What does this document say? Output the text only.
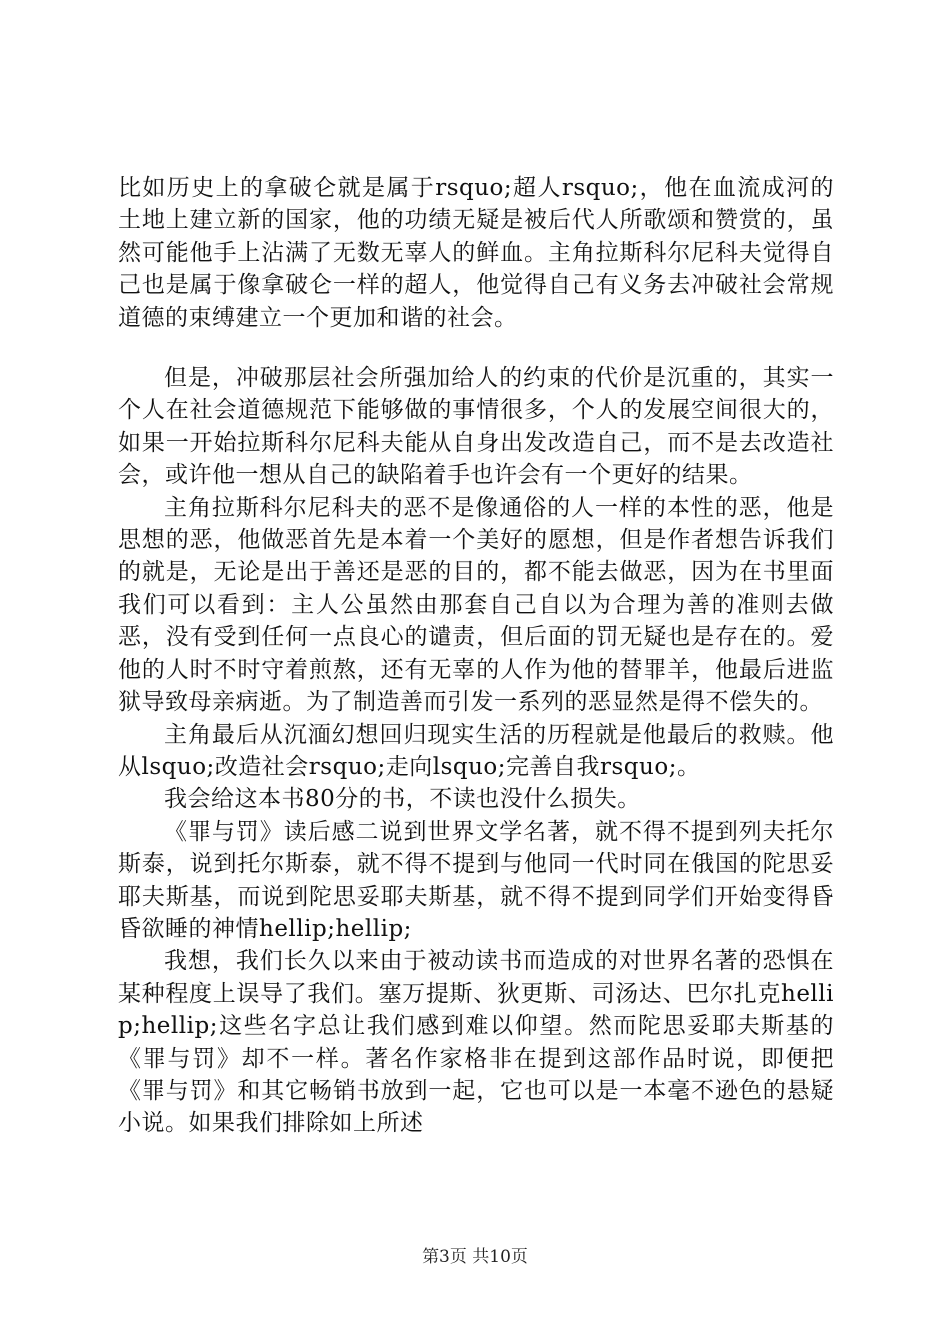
比如历史上的拿破仑就是属于rsquo;超人rsquo;，他在血流成河的土地上建立新的国家，他的功绩无疑是被后代人所歌颂和赞赏的，虽然可能他手上沾满了无数无辜人的鲜血。主角拉斯科尔尼科夫觉得自己也是属于像拿破仑一样的超人，他觉得自己有义务去冲破社会常规道德的束缚建立一个更加和谐的社会。

但是，冲破那层社会所强加给人的约束的代价是沉重的，其实一个人在社会道德规范下能够做的事情很多，个人的发展空间很大的，如果一开始拉斯科尔尼科夫能从自身出发改造自己，而不是去改造社会，或许他一想从自己的缺陷着手也许会有一个更好的结果。

主角拉斯科尔尼科夫的恶不是像通俗的人一样的本性的恶，他是思想的恶，他做恶首先是本着一个美好的愿想，但是作者想告诉我们的就是，无论是出于善还是恶的目的，都不能去做恶，因为在书里面我们可以看到：主人公虽然由那套自己自以为合理为善的准则去做恶，没有受到任何一点良心的谴责，但后面的罚无疑也是存在的。爱他的人时不时守着煎熬，还有无辜的人作为他的替罪羊，他最后进监狱导致母亲病逝。为了制造善而引发一系列的恶显然是得不偿失的。

主角最后从沉湎幻想回归现实生活的历程就是他最后的救赎。他从lsquo;改造社会rsquo;走向lsquo;完善自我rsquo;。

我会给这本书80分的书，不读也没什么损失。

《罪与罚》读后感二说到世界文学名著，就不得不提到列夫托尔斯泰，说到托尔斯泰，就不得不提到与他同一代时同在俄国的陀思妥耶夫斯基，而说到陀思妥耶夫斯基，就不得不提到同学们开始变得昏昏欲睡的神情hellip;hellip;

我想，我们长久以来由于被动读书而造成的对世界名著的恐惧在某种程度上误导了我们。塞万提斯、狄更斯、司汤达、巴尔扎克hellip;hellip;这些名字总让我们感到难以仰望。然而陀思妥耶夫斯基的《罪与罚》却不一样。著名作家格非在提到这部作品时说，即便把《罪与罚》和其它畅销书放到一起，它也可以是一本毫不逊色的悬疑小说。如果我们排除如上所述

第3页 共10页
